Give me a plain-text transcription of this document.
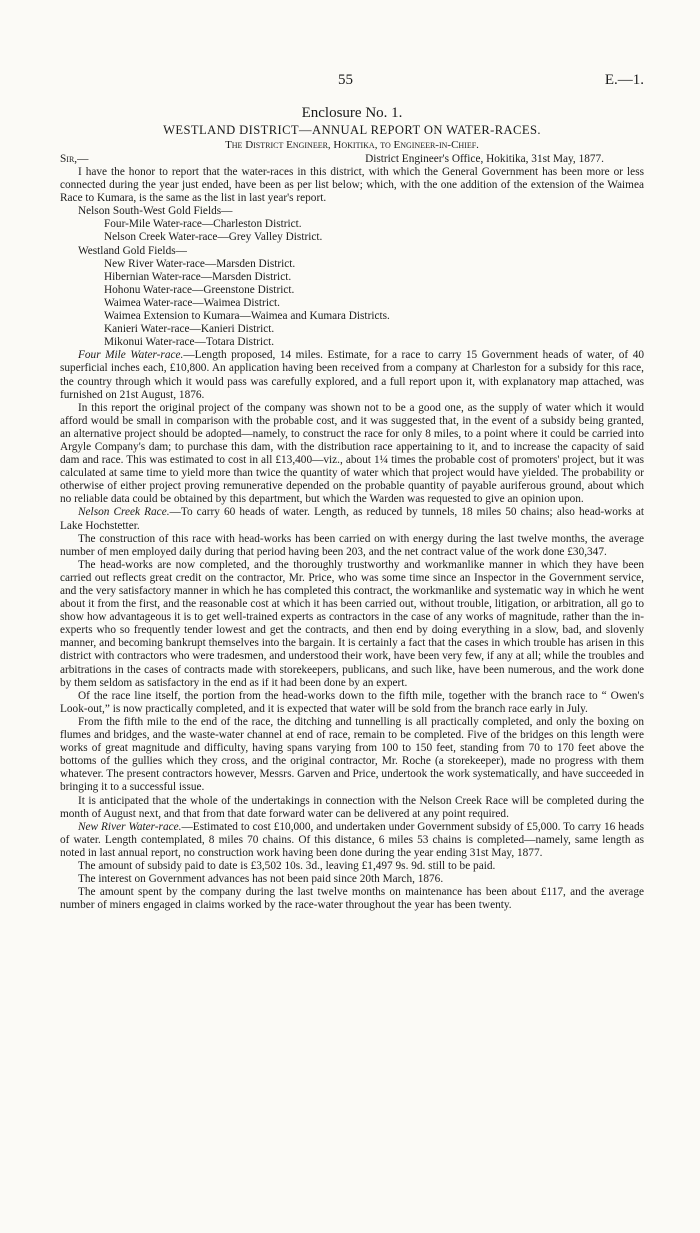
55	E.—1.
Enclosure No. 1.
WESTLAND DISTRICT—ANNUAL REPORT ON WATER-RACES.
The District Engineer, Hokitika, to Engineer-in-Chief.
Sir,—	District Engineer's Office, Hokitika, 31st May, 1877.

I have the honor to report that the water-races in this district, with which the General Government has been more or less connected during the year just ended, have been as per list below; which, with the one addition of the extension of the Waimea Race to Kumara, is the same as the list in last year's report.

Nelson South-West Gold Fields—
Four-Mile Water-race—Charleston District.
Nelson Creek Water-race—Grey Valley District.
Westland Gold Fields—
New River Water-race—Marsden District.
Hibernian Water-race—Marsden District.
Hohonu Water-race—Greenstone District.
Waimea Water-race—Waimea District.
Waimea Extension to Kumara—Waimea and Kumara Districts.
Kanieri Water-race—Kanieri District.
Mikonui Water-race—Totara District.

Four Mile Water-race.—Length proposed, 14 miles. Estimate, for a race to carry 15 Government heads of water, of 40 superficial inches each, £10,800. An application having been received from a company at Charleston for a subsidy for this race, the country through which it would pass was carefully explored, and a full report upon it, with explanatory map attached, was furnished on 21st August, 1876.

In this report the original project of the company was shown not to be a good one, as the supply of water which it would afford would be small in comparison with the probable cost, and it was suggested that, in the event of a subsidy being granted, an alternative project should be adopted—namely, to construct the race for only 8 miles, to a point where it could be carried into Argyle Company's dam; to purchase this dam, with the distribution race appertaining to it, and to increase the capacity of said dam and race. This was estimated to cost in all £13,400—viz., about 1¼ times the probable cost of promoters' project, but it was calculated at same time to yield more than twice the quantity of water which that project would have yielded. The probability or otherwise of either project proving remunerative depended on the probable quantity of payable auriferous ground, about which no reliable data could be obtained by this department, but which the Warden was requested to give an opinion upon.

Nelson Creek Race.—To carry 60 heads of water. Length, as reduced by tunnels, 18 miles 50 chains; also head-works at Lake Hochstetter.

The construction of this race with head-works has been carried on with energy during the last twelve months, the average number of men employed daily during that period having been 203, and the net contract value of the work done £30,347.

The head-works are now completed, and the thoroughly trustworthy and workmanlike manner in which they have been carried out reflects great credit on the contractor, Mr. Price, who was some time since an Inspector in the Government service, and the very satisfactory manner in which he has completed this contract, the workmanlike and systematic way in which he went about it from the first, and the reasonable cost at which it has been carried out, without trouble, litigation, or arbitration, all go to show how advantageous it is to get well-trained experts as contractors in the case of any works of magnitude, rather than the in-experts who so frequently tender lowest and get the contracts, and then end by doing everything in a slow, bad, and slovenly manner, and becoming bankrupt themselves into the bargain. It is certainly a fact that the cases in which trouble has arisen in this district with contractors who were tradesmen, and understood their work, have been very few, if any at all; while the troubles and arbitrations in the cases of contracts made with storekeepers, publicans, and such like, have been numerous, and the work done by them seldom as satisfactory in the end as if it had been done by an expert.

Of the race line itself, the portion from the head-works down to the fifth mile, together with the branch race to “ Owen's Look-out,” is now practically completed, and it is expected that water will be sold from the branch race early in July.

From the fifth mile to the end of the race, the ditching and tunnelling is all practically completed, and only the boxing on flumes and bridges, and the waste-water channel at end of race, remain to be completed. Five of the bridges on this length were works of great magnitude and difficulty, having spans varying from 100 to 150 feet, standing from 70 to 170 feet above the bottoms of the gullies which they cross, and the original contractor, Mr. Roche (a storekeeper), made no progress with them whatever. The present contractors however, Messrs. Garven and Price, undertook the work systematically, and have succeeded in bringing it to a successful issue.

It is anticipated that the whole of the undertakings in connection with the Nelson Creek Race will be completed during the month of August next, and that from that date forward water can be delivered at any point required.

New River Water-race.—Estimated to cost £10,000, and undertaken under Government subsidy of £5,000. To carry 16 heads of water. Length contemplated, 8 miles 70 chains. Of this distance, 6 miles 53 chains is completed—namely, same length as noted in last annual report, no construction work having been done during the year ending 31st May, 1877.

The amount of subsidy paid to date is £3,502 10s. 3d., leaving £1,497 9s. 9d. still to be paid.

The interest on Government advances has not been paid since 20th March, 1876.

The amount spent by the company during the last twelve months on maintenance has been about £117, and the average number of miners engaged in claims worked by the race-water throughout the year has been twenty.
